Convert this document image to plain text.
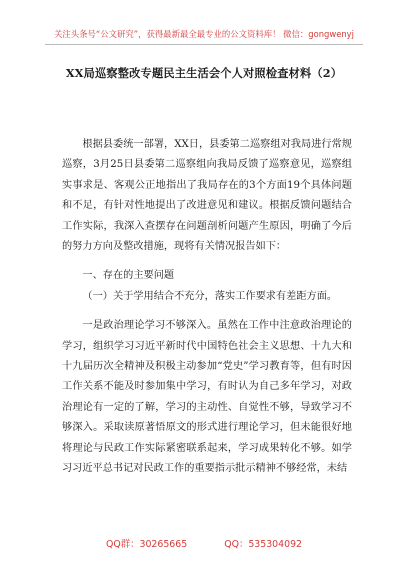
关注头条号“公文研究”，获得最新最全最专业的公文资料库！ 微信：gongwenyj
XX局巡察整改专题民主生活会个人对照检查材料（2）

根据县委统一部署，XX日，县委第二巡察组对我局进行常规巡察，3月25日县委第二巡察组向我局反馈了巡察意见，巡察组实事求是、客观公正地指出了我局存在的3个方面19个具体问题和不足，有针对性地提出了改进意见和建议。根据反馈问题结合工作实际，我深入查摆存在问题剖析问题产生原因，明确了今后的努力方向及整改措施，现将有关情况报告如下：

一、存在的主要问题

（一）关于学用结合不充分，落实工作要求有差距方面。

一是政治理论学习不够深入。虽然在工作中注意政治理论的学习，组织学习习近平新时代中国特色社会主义思想、十九大和十九届历次全精神及积极主动参加“党史”学习教育等，但有时因工作关系不能及时参加集中学习，有时认为自己多年学习，对政治理论有一定的了解，学习的主动性、自觉性不够，导致学习不够深入。采取读原著悟原文的形式进行理论学习，但未能很好地将理论与民政工作实际紧密联系起来，学习成果转化不够。如学习习近平总书记对民政工作的重要指示批示精神不够经常，未结

QQ群：30265665	QQ：535304092
